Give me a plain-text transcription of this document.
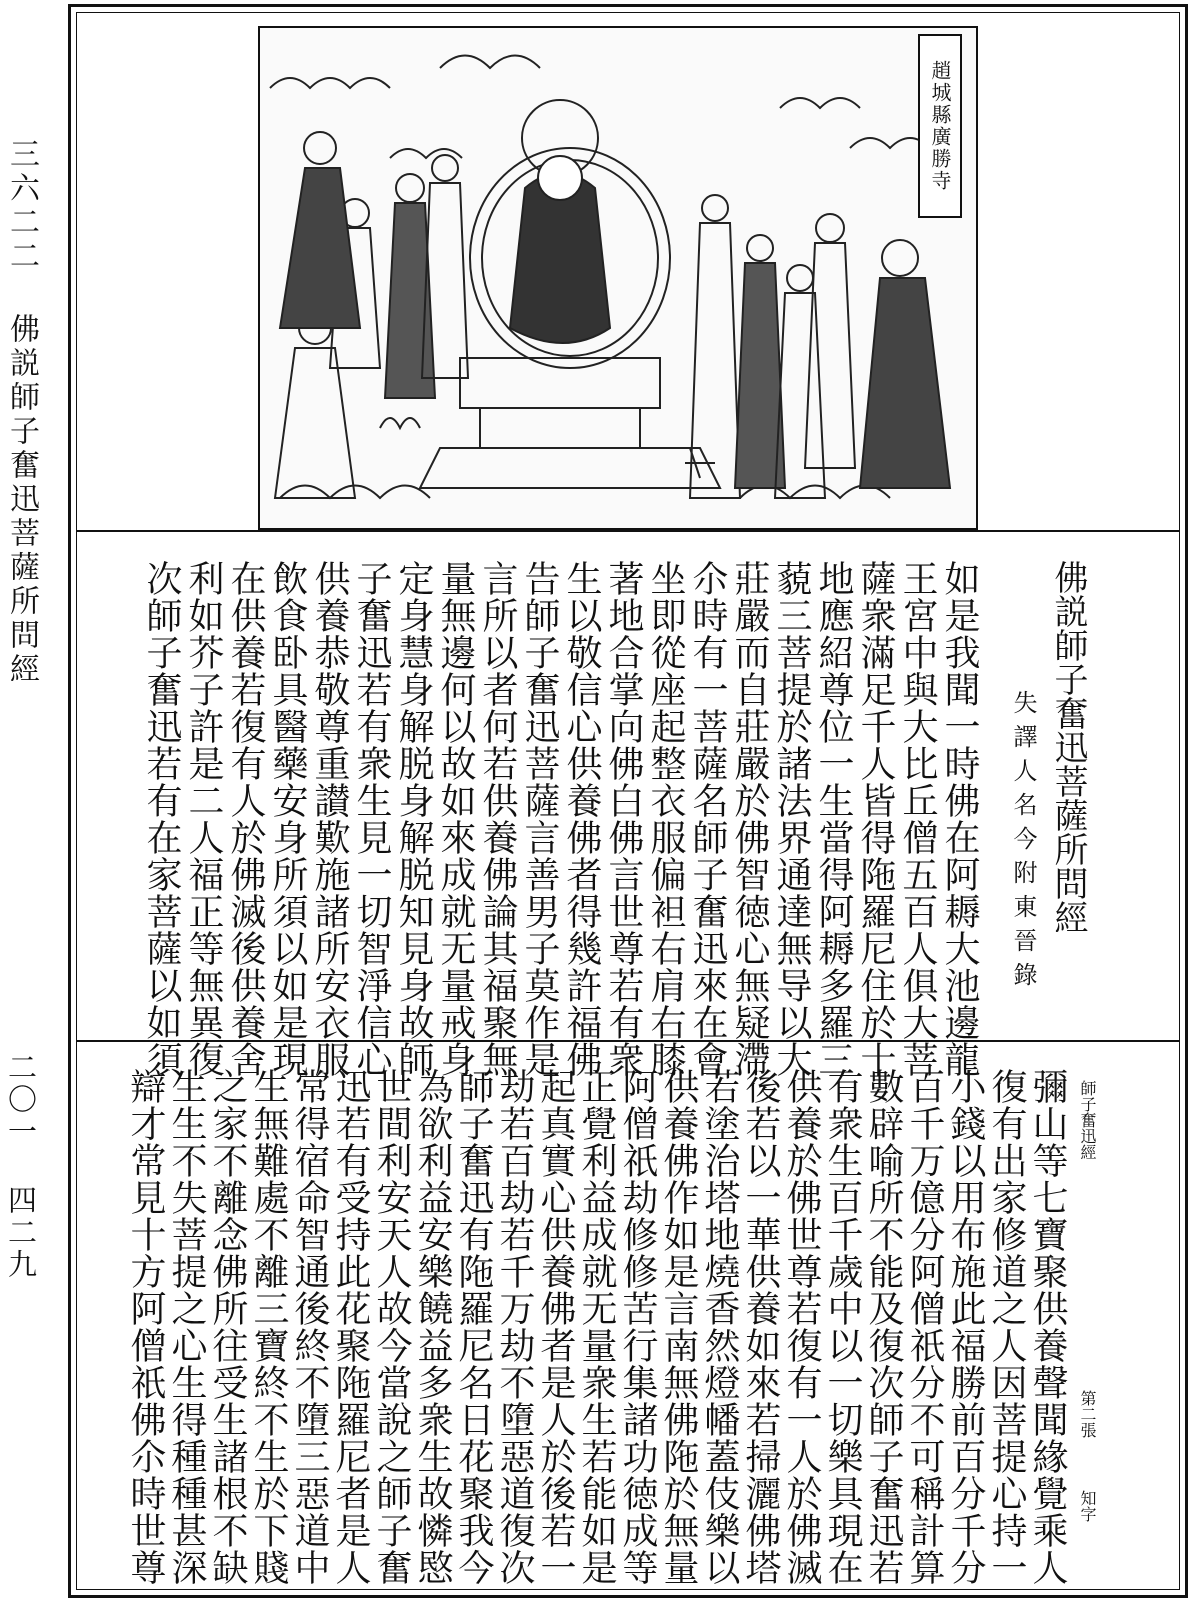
三六二二 佛説師子奮迅菩薩所問經
二〇一 四二九
趙城縣廣勝寺
佛説師子奮迅菩薩所問經
失譯人名今附東晉錄
如是我聞一時佛在阿耨大池邊龍
王宮中與大比丘僧五百人俱大菩
薩衆滿足千人皆得陁羅尼住於十
地應紹尊位一生當得阿耨多羅三
藐三菩提於諸法界通達無导以大
莊嚴而自莊嚴於佛智徳心無疑滯
尒時有一菩薩名師子奮迅來在會
坐即從座起整衣服偏袒右肩右膝
著地合掌向佛白佛言世尊若有衆
生以敬信心供養佛者得幾許福佛
告師子奮迅菩薩言善男子莫作是
言所以者何若供養佛論其福聚無
量無邊何以故如來成就无量戒身
定身慧身解脱身解脱知見身故師
子奮迅若有衆生見一切智淨信心
供養恭敬尊重讃歎施諸所安衣服
飲食卧具醫藥安身所須以如是現
在供養若復有人於佛滅後供養舍
利如芥子許是二人福正等無異復
次師子奮迅若有在家菩薩以如須
師子奮迅經
第二張
知字
彌山等七寶聚供養聲聞緣覺乘人
復有出家修道之人因菩提心持一
小錢以用布施此福勝前百分千分
百千万億分阿僧祇分不可稱計算
數辟喻所不能及復次師子奮迅若
有衆生百千歲中以一切樂具現在
供養於佛世尊若復有一人於佛滅
後若以一華供養如來若掃灑佛塔
若塗治塔地燒香然燈幡蓋伎樂以
供養佛作如是言南無佛陁於無量
阿僧祇劫修修苦行集諸功徳成等
正覺利益成就无量衆生若能如是
起真實心供養佛者是人於後若一
劫若百劫若千万劫不墮惡道復次
師子奮迅有陁羅尼名日花聚我今
為欲利益安樂饒益多衆生故憐愍
世間利安天人故今當說之師子奮
迅若有受持此花聚陁羅尼者是人
常得宿命智通後終不墮三惡道中
生無難處不離三寶終不生於下賤
之家不離念佛所往受生諸根不缺
生生不失菩提之心生得種種甚深
辯才常見十方阿僧祇佛尒時世尊
